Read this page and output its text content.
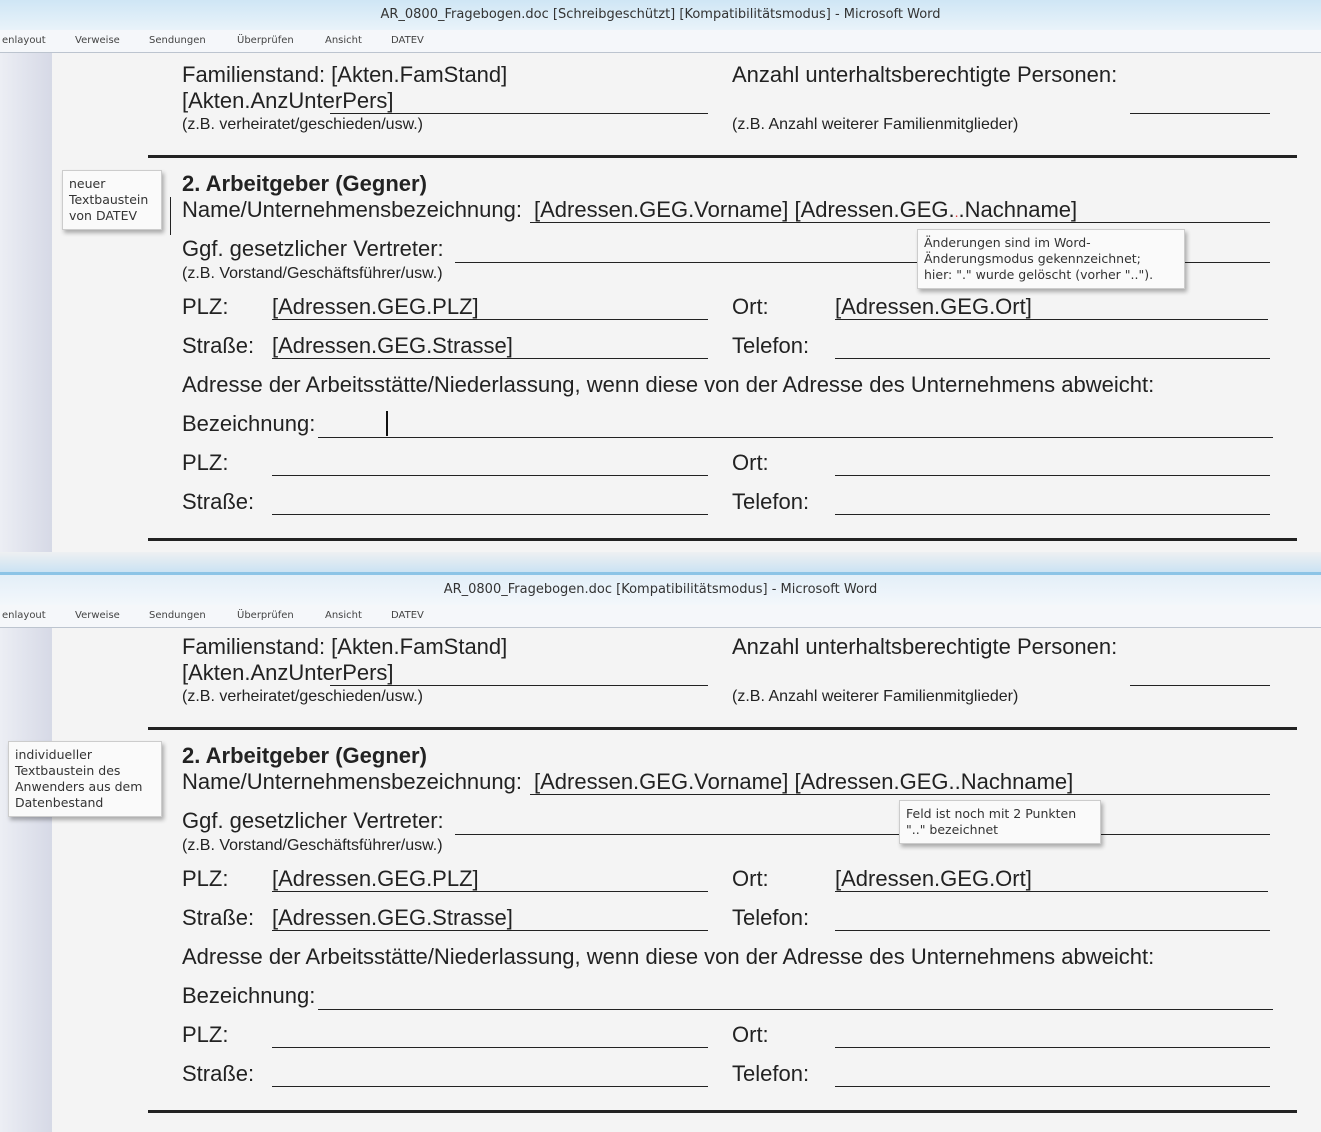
AR_0800_Fragebogen.doc [Schreibgeschützt] [Kompatibilitätsmodus] - Microsoft Word
enlayout	Verweise	Sendungen	Überprüfen	Ansicht	DATEV
Familienstand: [Akten.FamStand]
[Akten.AnzUnterPers]
(z.B. verheiratet/geschieden/usw.)
Anzahl unterhaltsberechtigte Personen:
(z.B. Anzahl weiterer Familienmitglieder)
neuer
Textbaustein
von DATEV
2. Arbeitgeber (Gegner)
Name/Unternehmensbezeichnung: [Adressen.GEG.Vorname] [Adressen.GEG...Nachname]
Ggf. gesetzlicher Vertreter:
(z.B. Vorstand/Geschäftsführer/usw.)
Änderungen sind im Word-
Änderungsmodus gekennzeichnet;
hier: "." wurde gelöscht (vorher "..").
PLZ: [Adressen.GEG.PLZ]	Ort:	[Adressen.GEG.Ort]
Straße: [Adressen.GEG.Strasse]	Telefon:
Adresse der Arbeitsstätte/Niederlassung, wenn diese von der Adresse des Unternehmens abweicht:
Bezeichnung:
PLZ:	Ort:
Straße:	Telefon:
AR_0800_Fragebogen.doc [Kompatibilitätsmodus] - Microsoft Word
enlayout	Verweise	Sendungen	Überprüfen	Ansicht	DATEV
Familienstand: [Akten.FamStand]
[Akten.AnzUnterPers]
(z.B. verheiratet/geschieden/usw.)
Anzahl unterhaltsberechtigte Personen:
(z.B. Anzahl weiterer Familienmitglieder)
individueller
Textbaustein des
Anwenders aus dem
Datenbestand
2. Arbeitgeber (Gegner)
Name/Unternehmensbezeichnung: [Adressen.GEG.Vorname] [Adressen.GEG..Nachname]
Ggf. gesetzlicher Vertreter:
(z.B. Vorstand/Geschäftsführer/usw.)
Feld ist noch mit 2 Punkten
".." bezeichnet
PLZ: [Adressen.GEG.PLZ]	Ort:	[Adressen.GEG.Ort]
Straße: [Adressen.GEG.Strasse]	Telefon:
Adresse der Arbeitsstätte/Niederlassung, wenn diese von der Adresse des Unternehmens abweicht:
Bezeichnung:
PLZ:	Ort:
Straße:	Telefon:
